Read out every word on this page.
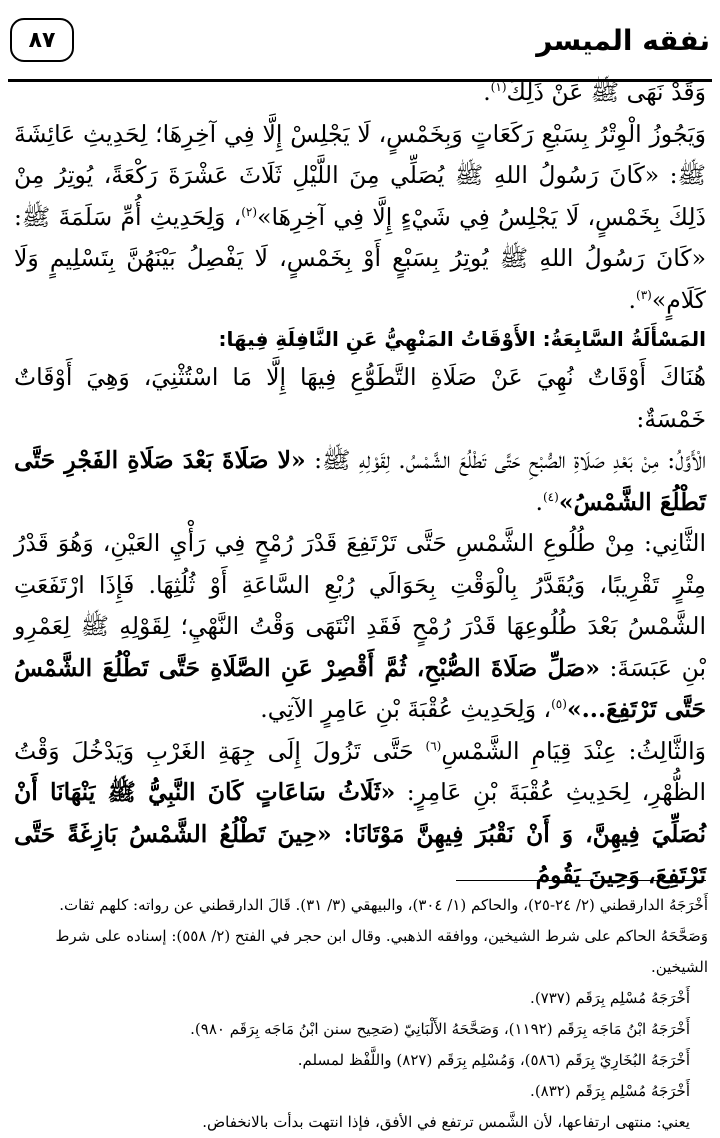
نفقه الميسر
٨٧

وَقَدْ نَهَى ﷺ عَنْ ذَلِكَ$^{(١)}$.

وَيَجُوزُ الْوِتْرُ بِسَبْعِ رَكَعَاتٍ وَبِخَمْسٍ، لَا يَجْلِسْ إِلَّا فِي آخِرِهَا؛ لِحَدِيثِ عَائِشَةَ ﷺ: «كَانَ رَسُولُ اللهِ ﷺ يُصَلِّي مِنَ اللَّيْلِ ثَلَاثَ عَشْرَةَ رَكْعَةً، يُوتِرُ مِنْ ذَلِكَ بِخَمْسٍ، لَا يَجْلِسُ فِي شَيْءٍ إِلَّا فِي آخِرِهَا»$^{(٢)}$، وَلِحَدِيثِ أُمِّ سَلَمَةَ ﷺ: «كَانَ رَسُولُ اللهِ ﷺ يُوتِرُ بِسَبْعٍ أَوْ بِخَمْسٍ، لَا يَفْصِلُ بَيْنَهُنَّ بِتَسْلِيمٍ وَلَا كَلَامٍ»$^{(٣)}$.

المَسْأَلَةُ السَّابِعَةُ: الأَوْقَاتُ المَنْهِيُّ عَنِ النَّافِلَةِ فِيهَا:

هُنَاكَ أَوْقَاتٌ نُهِيَ عَنْ صَلَاةِ التَّطَوُّعِ فِيهَا إِلَّا مَا اسْتُثْنِيَ، وَهِيَ أَوْقَاتٌ خَمْسَةٌ:

الْأَوَّلُ: مِنْ بَعْدِ صَلَاةِ الصُّبْحِ حَتَّى تَطْلُعَ الشَّمْسُ. لِقَوْلِهِ ﷺ: «لا صَلَاةَ بَعْدَ صَلَاةِ الفَجْرِ حَتَّى تَطْلُعَ الشَّمْسُ»$^{(٤)}$.

الثَّانِي: مِنْ طُلُوعِ الشَّمْسِ حَتَّى تَرْتَفِعَ قَدْرَ رُمْحٍ فِي رَأْيِ العَيْنِ، وَهُوَ قَدْرُ مِتْرٍ تَقْرِيبًا، وَيُقَدَّرُ بِالْوَقْتِ بِحَوَالَي رُبْعِ السَّاعَةِ أَوْ ثُلُثِهَا. فَإِذَا ارْتَفَعَتِ الشَّمْسُ بَعْدَ طُلُوعِهَا قَدْرَ رُمْحٍ فَقَدِ انْتَهَى وَقْتُ النَّهْيِ؛ لِقَوْلِهِ ﷺ لِعَمْرِو بْنِ عَبَسَةَ: «صَلِّ صَلَاةَ الصُّبْحِ، ثُمَّ أَقْصِرْ عَنِ الصَّلَاةِ حَتَّى تَطْلُعَ الشَّمْسُ حَتَّى تَرْتَفِعَ...»$^{(٥)}$، وَلِحَدِيثِ عُقْبَةَ بْنِ عَامِرٍ الآتِي.

وَالثَّالِثُ: عِنْدَ قِيَامِ الشَّمْسِ$^{(٦)}$ حَتَّى تَزُولَ إِلَى جِهَةِ الغَرْبِ وَيَدْخُلَ وَقْتُ الظُّهْرِ، لِحَدِيثِ عُقْبَةَ بْنِ عَامِرٍ: «ثَلَاثُ سَاعَاتٍ كَانَ النَّبِيُّ ﷺ يَنْهَانَا أَنْ نُصَلِّيَ فِيهِنَّ، وَ أَنْ نَقْبُرَ فِيهِنَّ مَوْتَانَا: «حِينَ تَطْلُعُ الشَّمْسُ بَازِغَةً حَتَّى تَرْتَفِعَ، وَحِينَ يَقُومُ

أَخْرَجَهُ الدارقطني (٢/ ٢٤-٢٥)، والحاكم (١/ ٣٠٤)، والبيهقي (٣/ ٣١). قَالَ الدارقطني عن رواته: كلهم ثقات.

وَصَحَّحَهُ الحاكم على شرط الشيخين، ووافقه الذهبي. وقال ابن حجر في الفتح (٢/ ٥٥٨): إسناده على شرط الشيخين.

أَخْرَجَهُ مُسْلِم بِرَقَم (٧٣٧).

أَخْرَجَهُ ابْنُ مَاجَه بِرَقَم (١١٩٢)، وَصَحَّحَهُ الأَلْبَانِيّ (صَحِيح سنن ابْنُ مَاجَه بِرَقَم ٩٨٠).

أَخْرَجَهُ البُخَارِيّ بِرَقَم (٥٨٦)، وَمُسْلِم بِرَقَم (٨٢٧) واللَّفْظ لمسلم.

أَخْرَجَهُ مُسْلِم بِرَقَم (٨٣٢).

يعني: منتهى ارتفاعها، لأن الشَّمس ترتفع في الأفق، فإذا انتهت بدأت بالانخفاض.
